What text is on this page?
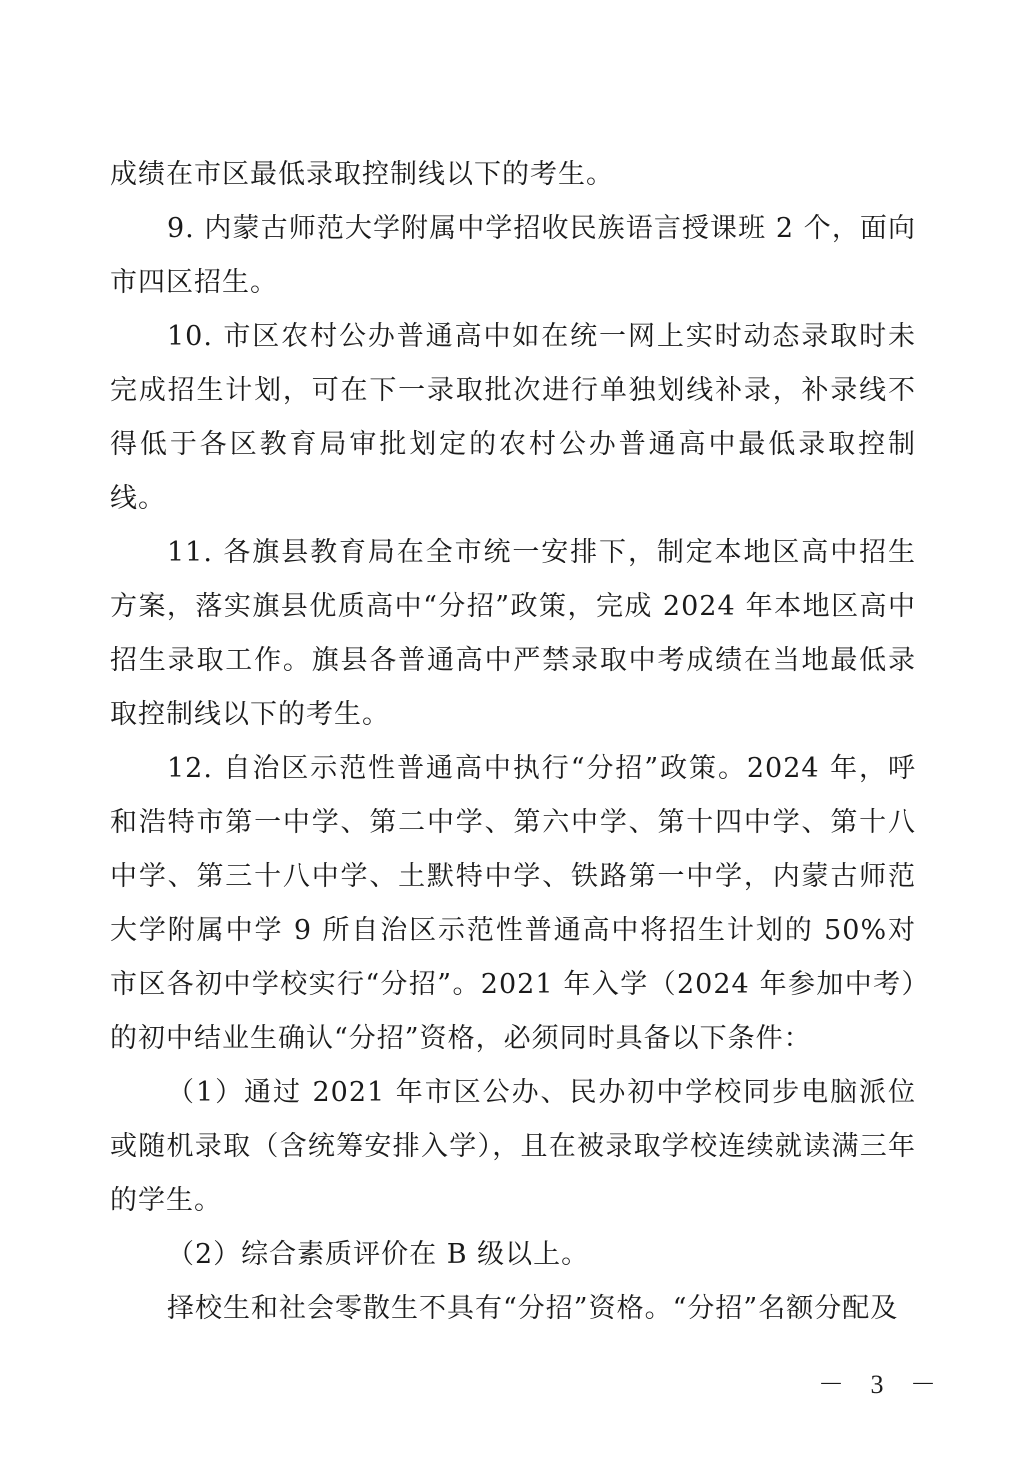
成绩在市区最低录取控制线以下的考生。

9. 内蒙古师范大学附属中学招收民族语言授课班 2 个，面向市四区招生。

10. 市区农村公办普通高中如在统一网上实时动态录取时未完成招生计划，可在下一录取批次进行单独划线补录，补录线不得低于各区教育局审批划定的农村公办普通高中最低录取控制线。

11. 各旗县教育局在全市统一安排下，制定本地区高中招生方案，落实旗县优质高中“分招”政策，完成 2024 年本地区高中招生录取工作。旗县各普通高中严禁录取中考成绩在当地最低录取控制线以下的考生。

12. 自治区示范性普通高中执行“分招”政策。2024 年，呼和浩特市第一中学、第二中学、第六中学、第十四中学、第十八中学、第三十八中学、土默特中学、铁路第一中学，内蒙古师范大学附属中学 9 所自治区示范性普通高中将招生计划的 50%对市区各初中学校实行“分招”。2021 年入学（2024 年参加中考）的初中结业生确认“分招”资格，必须同时具备以下条件：

（1）通过 2021 年市区公办、民办初中学校同步电脑派位或随机录取（含统筹安排入学），且在被录取学校连续就读满三年的学生。

（2）综合素质评价在 B 级以上。

择校生和社会零散生不具有“分招”资格。“分招”名额分配及

－ 3 －
